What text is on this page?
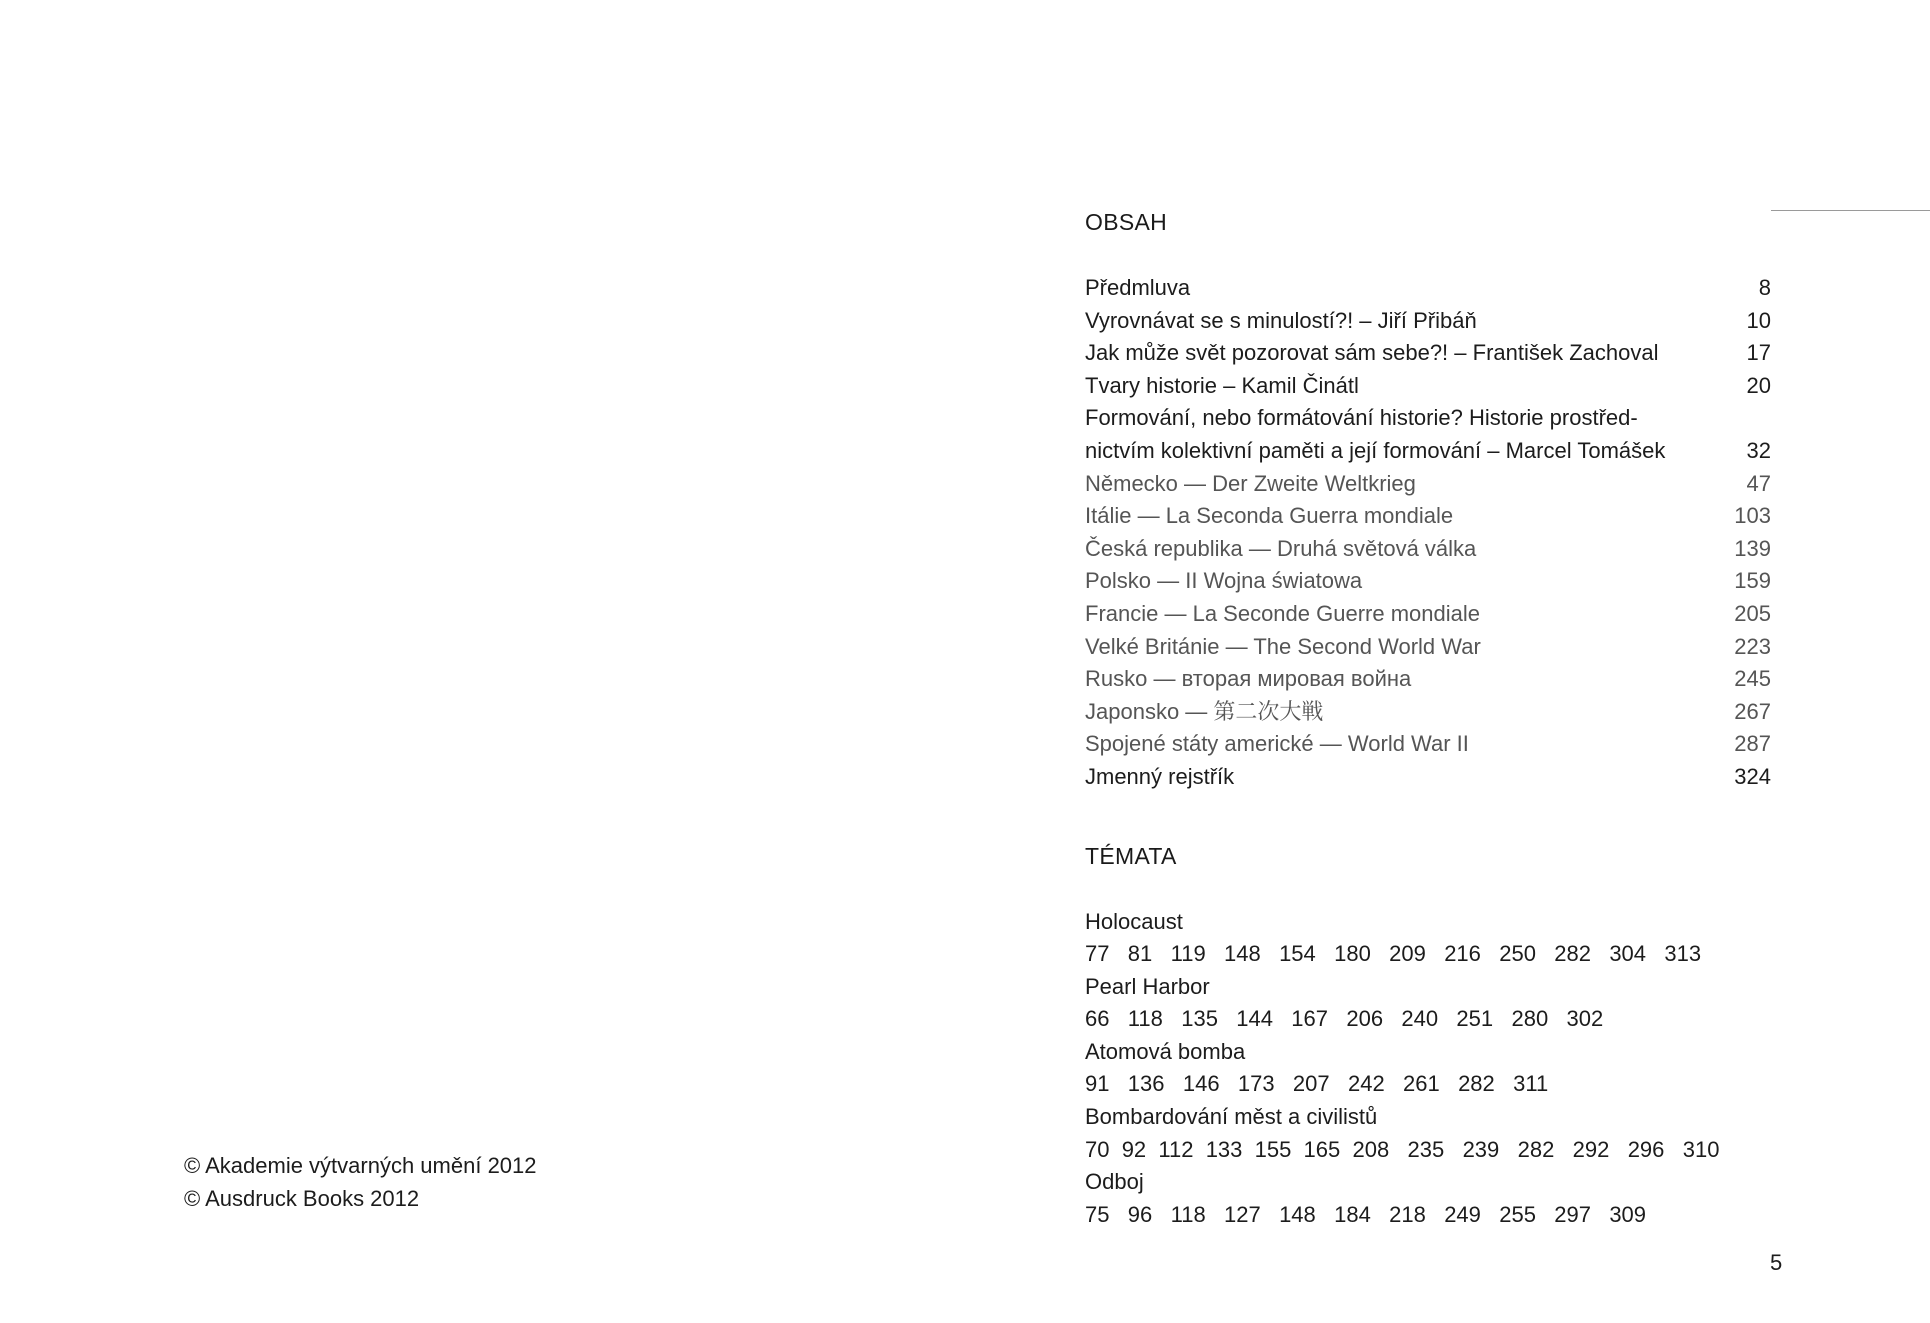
OBSAH
Předmluva	8
Vyrovnávat se s minulostí?! – Jiří Přibáň	10
Jak může svět pozorovat sám sebe?! – František Zachoval	17
Tvary historie – Kamil Činátl	20
Formování, nebo formátování historie? Historie prostřed-
nictvím kolektivní paměti a její formování – Marcel Tomášek	32
Německo — Der Zweite Weltkrieg	47
Itálie — La Seconda Guerra mondiale	103
Česká republika — Druhá světová válka	139
Polsko — II Wojna światowa	159
Francie — La Seconde Guerre mondiale	205
Velké Británie — The Second World War	223
Rusko — вторая мировая война	245
Japonsko — 第二次大戦	267
Spojené státy americké — World War II	287
Jmenný rejstřík	324
TÉMATA
Holocaust
77   81   119   148   154   180   209   216   250   282   304   313
Pearl Harbor
66   118   135   144   167   206   240   251   280   302
Atomová bomba
91   136   146   173   207   242   261   282   311
Bombardování měst a civilistů
70  92  112  133  155  165  208   235   239   282   292   296   310
Odboj
75   96   118   127   148   184   218   249   255   297   309
© Akademie výtvarných umění 2012
© Ausdruck Books 2012
5
